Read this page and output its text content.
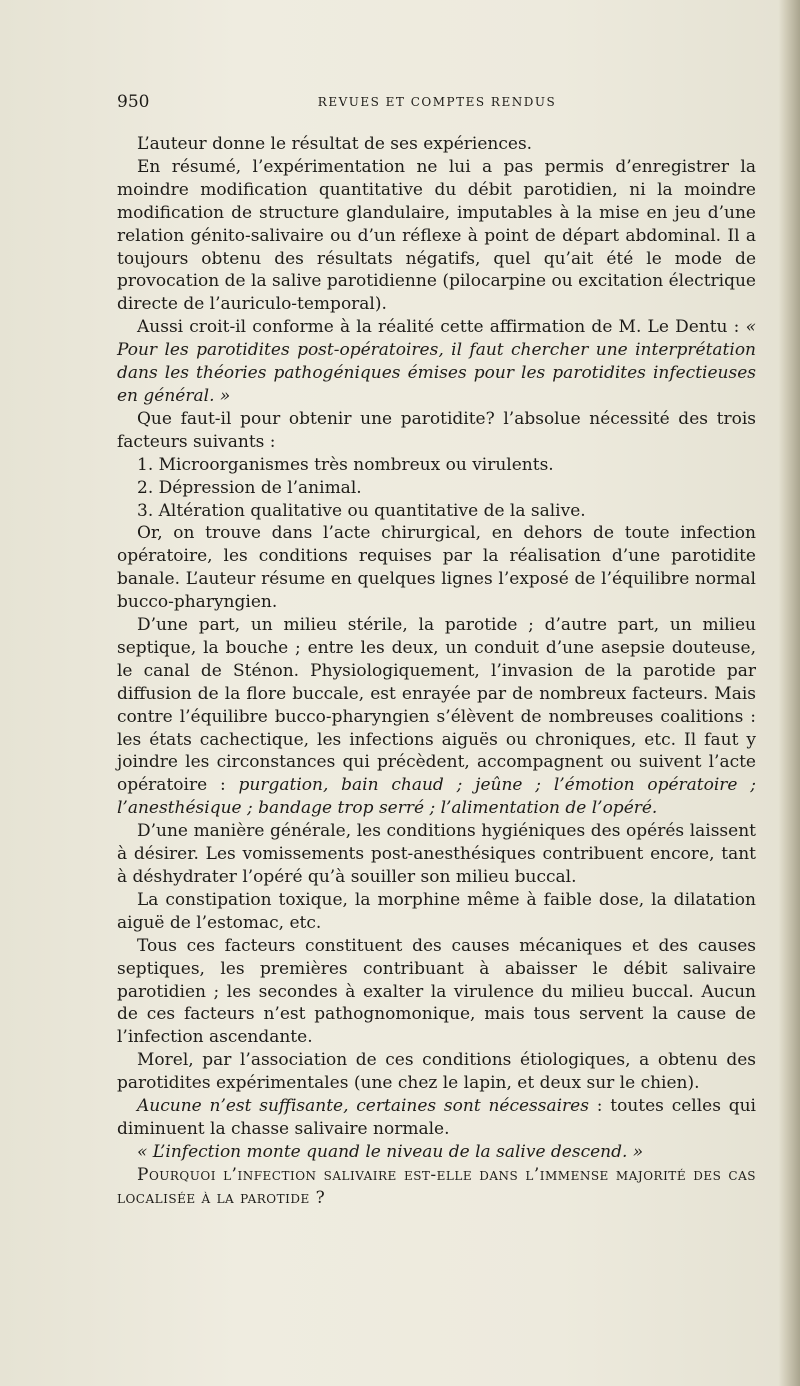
950	REVUES ET COMPTES RENDUS

L’auteur donne le résultat de ses expériences.

En résumé, l’expérimentation ne lui a pas permis d’enregistrer la moindre modification quantitative du débit parotidien, ni la moindre modification de structure glandulaire, imputables à la mise en jeu d’une relation génito-salivaire ou d’un réflexe à point de départ abdominal. Il a toujours obtenu des résultats négatifs, quel qu’ait été le mode de provocation de la salive parotidienne (pilocarpine ou excitation électrique directe de l’auriculo-temporal).

Aussi croit-il conforme à la réalité cette affirmation de M. Le Dentu : « Pour les parotidites post-opératoires, il faut chercher une interprétation dans les théories pathogéniques émises pour les parotidites infectieuses en général. »

Que faut-il pour obtenir une parotidite? l’absolue nécessité des trois facteurs suivants :

1. Microorganismes très nombreux ou virulents.

2. Dépression de l’animal.

3. Altération qualitative ou quantitative de la salive.

Or, on trouve dans l’acte chirurgical, en dehors de toute infection opératoire, les conditions requises par la réalisation d’une parotidite banale. L’auteur résume en quelques lignes l’exposé de l’équilibre normal bucco-pharyngien.

D’une part, un milieu stérile, la parotide ; d’autre part, un milieu septique, la bouche ; entre les deux, un conduit d’une asepsie douteuse, le canal de Sténon. Physiologiquement, l’invasion de la parotide par diffusion de la flore buccale, est enrayée par de nombreux facteurs. Mais contre l’équilibre bucco-pharyngien s’élèvent de nombreuses coalitions : les états cachectique, les infections aiguës ou chroniques, etc. Il faut y joindre les circonstances qui précèdent, accompagnent ou suivent l’acte opératoire : purgation, bain chaud ; jeûne ; l’émotion opératoire ; l’anesthésique ; bandage trop serré ; l’alimentation de l’opéré.

D’une manière générale, les conditions hygiéniques des opérés laissent à désirer. Les vomissements post-anesthésiques contribuent encore, tant à déshydrater l’opéré qu’à souiller son milieu buccal.

La constipation toxique, la morphine même à faible dose, la dilatation aiguë de l’estomac, etc.

Tous ces facteurs constituent des causes mécaniques et des causes septiques, les premières contribuant à abaisser le débit salivaire parotidien ; les secondes à exalter la virulence du milieu buccal. Aucun de ces facteurs n’est pathognomonique, mais tous servent la cause de l’infection ascendante.

Morel, par l’association de ces conditions étiologiques, a obtenu des parotidites expérimentales (une chez le lapin, et deux sur le chien).

Aucune n’est suffisante, certaines sont nécessaires : toutes celles qui diminuent la chasse salivaire normale.

« L’infection monte quand le niveau de la salive descend. »

Pourquoi l’infection salivaire est-elle dans l’immense majorité des cas localisée à la parotide ?
